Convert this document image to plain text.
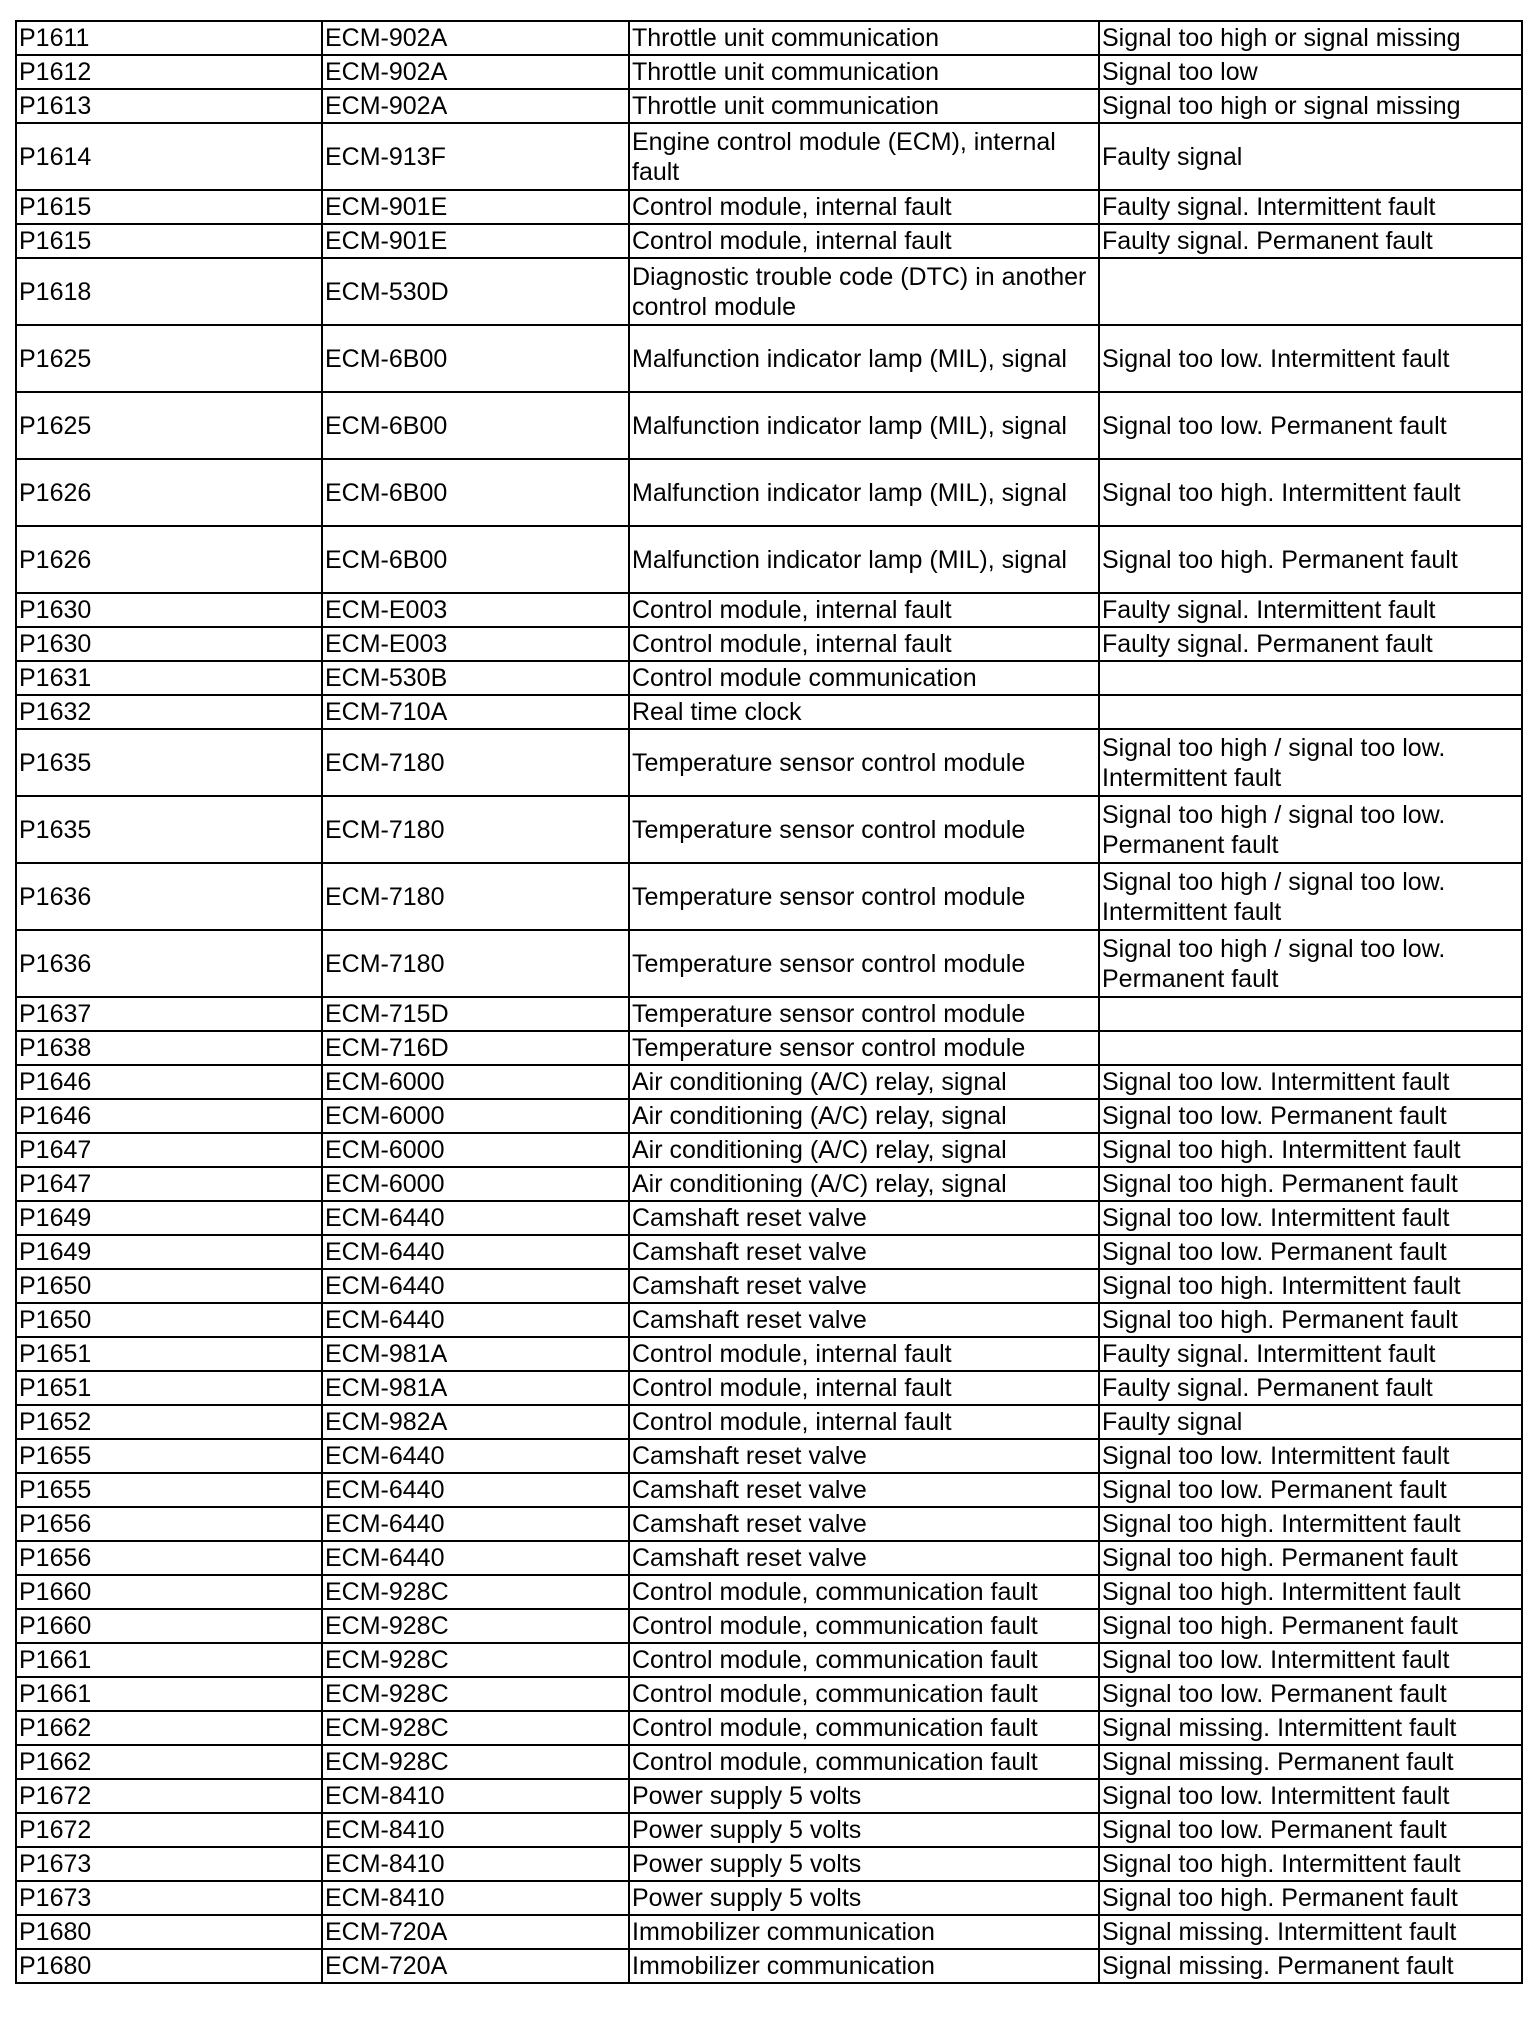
P1611	ECM-902A	Throttle unit communication	Signal too high or signal missing
P1612	ECM-902A	Throttle unit communication	Signal too low
P1613	ECM-902A	Throttle unit communication	Signal too high or signal missing
P1614	ECM-913F	Engine control module (ECM), internal fault	Faulty signal
P1615	ECM-901E	Control module, internal fault	Faulty signal. Intermittent fault
P1615	ECM-901E	Control module, internal fault	Faulty signal. Permanent fault
P1618	ECM-530D	Diagnostic trouble code (DTC) in another control module	
P1625	ECM-6B00	Malfunction indicator lamp (MIL), signal	Signal too low. Intermittent fault
P1625	ECM-6B00	Malfunction indicator lamp (MIL), signal	Signal too low. Permanent fault
P1626	ECM-6B00	Malfunction indicator lamp (MIL), signal	Signal too high. Intermittent fault
P1626	ECM-6B00	Malfunction indicator lamp (MIL), signal	Signal too high. Permanent fault
P1630	ECM-E003	Control module, internal fault	Faulty signal. Intermittent fault
P1630	ECM-E003	Control module, internal fault	Faulty signal. Permanent fault
P1631	ECM-530B	Control module communication	
P1632	ECM-710A	Real time clock	
P1635	ECM-7180	Temperature sensor control module	Signal too high / signal too low. Intermittent fault
P1635	ECM-7180	Temperature sensor control module	Signal too high / signal too low. Permanent fault
P1636	ECM-7180	Temperature sensor control module	Signal too high / signal too low. Intermittent fault
P1636	ECM-7180	Temperature sensor control module	Signal too high / signal too low. Permanent fault
P1637	ECM-715D	Temperature sensor control module	
P1638	ECM-716D	Temperature sensor control module	
P1646	ECM-6000	Air conditioning (A/C) relay, signal	Signal too low. Intermittent fault
P1646	ECM-6000	Air conditioning (A/C) relay, signal	Signal too low. Permanent fault
P1647	ECM-6000	Air conditioning (A/C) relay, signal	Signal too high. Intermittent fault
P1647	ECM-6000	Air conditioning (A/C) relay, signal	Signal too high. Permanent fault
P1649	ECM-6440	Camshaft reset valve	Signal too low. Intermittent fault
P1649	ECM-6440	Camshaft reset valve	Signal too low. Permanent fault
P1650	ECM-6440	Camshaft reset valve	Signal too high. Intermittent fault
P1650	ECM-6440	Camshaft reset valve	Signal too high. Permanent fault
P1651	ECM-981A	Control module, internal fault	Faulty signal. Intermittent fault
P1651	ECM-981A	Control module, internal fault	Faulty signal. Permanent fault
P1652	ECM-982A	Control module, internal fault	Faulty signal
P1655	ECM-6440	Camshaft reset valve	Signal too low. Intermittent fault
P1655	ECM-6440	Camshaft reset valve	Signal too low. Permanent fault
P1656	ECM-6440	Camshaft reset valve	Signal too high. Intermittent fault
P1656	ECM-6440	Camshaft reset valve	Signal too high. Permanent fault
P1660	ECM-928C	Control module, communication fault	Signal too high. Intermittent fault
P1660	ECM-928C	Control module, communication fault	Signal too high. Permanent fault
P1661	ECM-928C	Control module, communication fault	Signal too low. Intermittent fault
P1661	ECM-928C	Control module, communication fault	Signal too low. Permanent fault
P1662	ECM-928C	Control module, communication fault	Signal missing. Intermittent fault
P1662	ECM-928C	Control module, communication fault	Signal missing. Permanent fault
P1672	ECM-8410	Power supply 5 volts	Signal too low. Intermittent fault
P1672	ECM-8410	Power supply 5 volts	Signal too low. Permanent fault
P1673	ECM-8410	Power supply 5 volts	Signal too high. Intermittent fault
P1673	ECM-8410	Power supply 5 volts	Signal too high. Permanent fault
P1680	ECM-720A	Immobilizer communication	Signal missing. Intermittent fault
P1680	ECM-720A	Immobilizer communication	Signal missing. Permanent fault
